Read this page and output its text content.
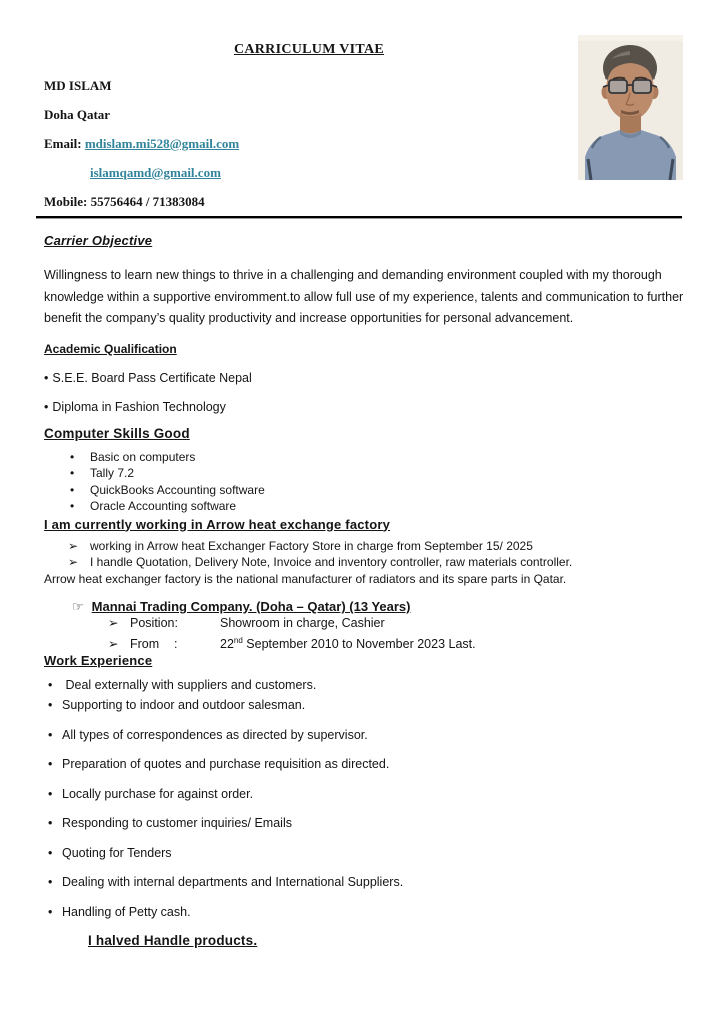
CARRICULUM VITAE
MD ISLAM
Doha Qatar
Email: mdislam.mi528@gmail.com
islamqamd@gmail.com
Mobile: 55756464 / 71383084
Carrier Objective
Willingness to learn new things to thrive in a challenging and demanding environment coupled with my thorough knowledge within a supportive enviromment.to allow full use of my experience, talents and communication to further benefit the company’s quality productivity and increase opportunities for personal advancement.
Academic Qualification
• S.E.E. Board Pass Certificate Nepal
• Diploma in Fashion Technology
Computer Skills Good
• Basic on computers
• Tally 7.2
• QuickBooks Accounting software
• Oracle Accounting software
I am currently working in Arrow heat exchange factory
➢ working in Arrow heat Exchanger Factory Store in charge from September 15/ 2025
➢ I handle Quotation, Delivery Note, Invoice and inventory controller, raw materials controller.
Arrow heat exchanger factory is the national manufacturer of radiators and its spare parts in Qatar.
☞ Mannai Trading Company. (Doha – Qatar) (13 Years)
➢ Position:	Showroom in charge, Cashier
➢ From :	22nd September 2010 to November 2023 Last.
Work Experience
• Deal externally with suppliers and customers.
• Supporting to indoor and outdoor salesman.
• All types of correspondences as directed by supervisor.
• Preparation of quotes and purchase requisition as directed.
• Locally purchase for against order.
• Responding to customer inquiries/ Emails
• Quoting for Tenders
• Dealing with internal departments and International Suppliers.
• Handling of Petty cash.
I halved Handle products.
